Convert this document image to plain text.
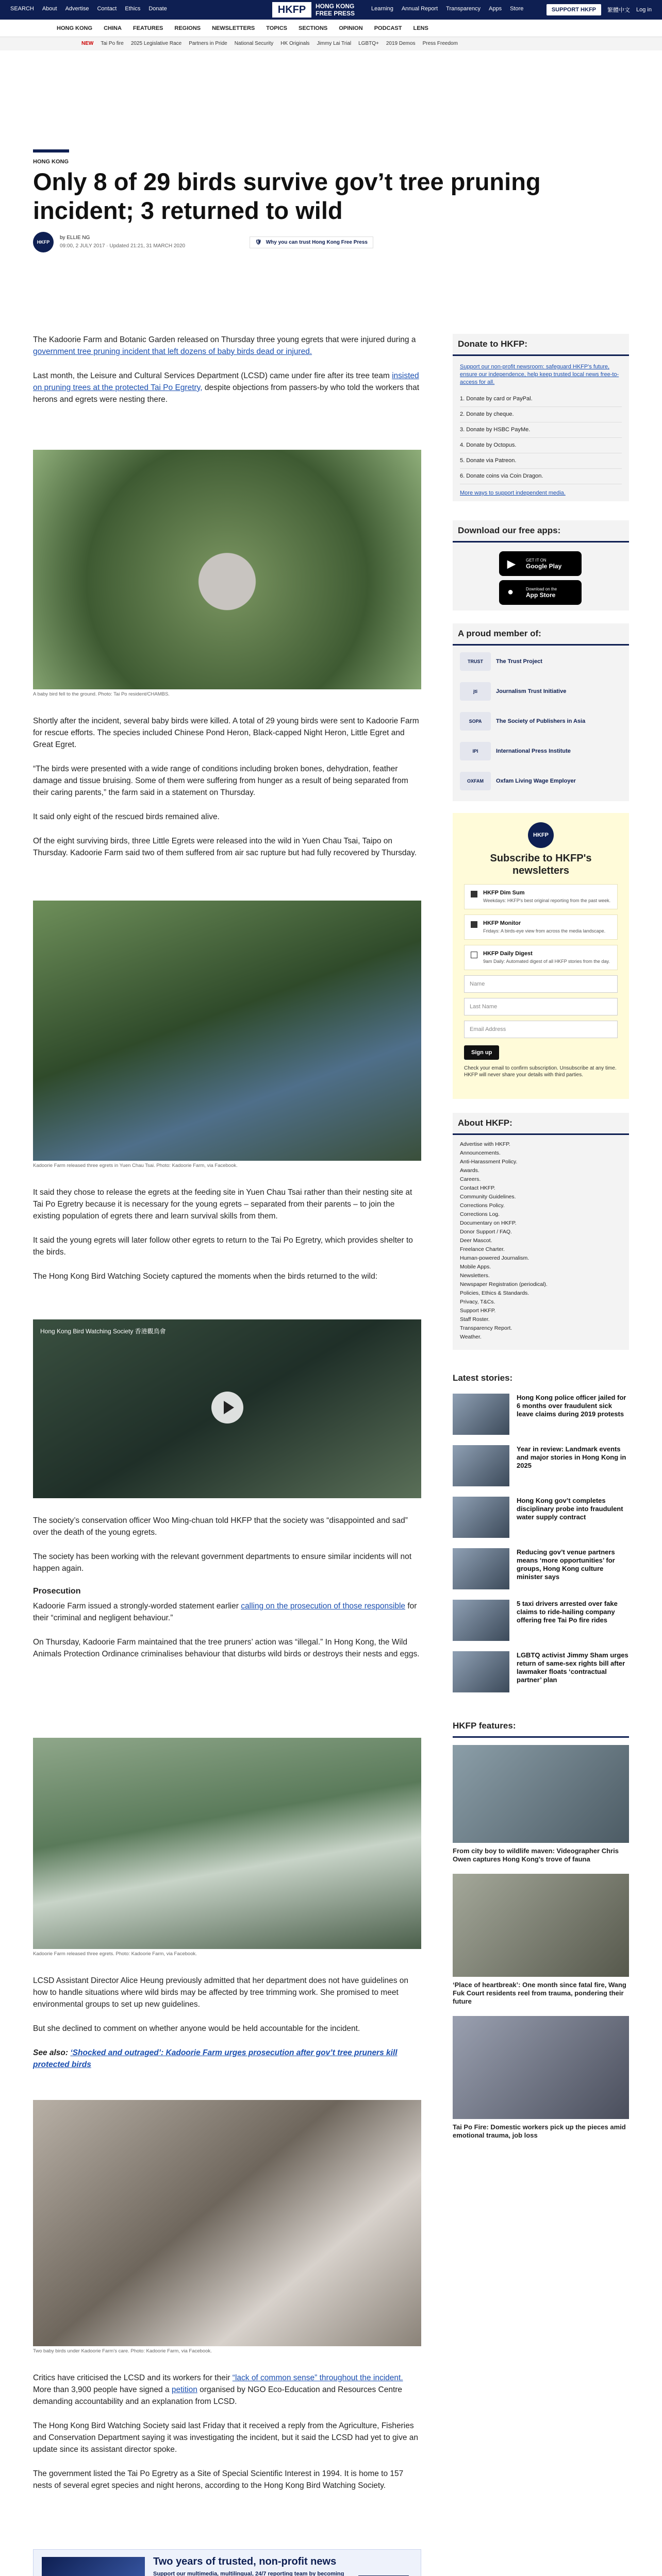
SEARCH About Advertise Contact Ethics Donate	HKFP	HONG KONG FREE PRESS
Learning Annual Report Transparency Apps Store	SUPPORT HKFP	繁體中文 Log in
HONG KONG CHINA FEATURES REGIONS NEWSLETTERS TOPICS SECTIONS OPINION PODCAST LENS
NEW Tai Po fire 2025 Legislative Race Partners in Pride National Security HK Originals Jimmy Lai Trial LGBTQ+ 2019 Demos Press Freedom
HONG KONG
Only 8 of 29 birds survive gov’t tree pruning incident; 3 returned to wild
HKFP
by ELLIE NG
09:00, 2 JULY 2017 · Updated 21:21, 31 MARCH 2020
🛡 Why you can trust Hong Kong Free Press

The Kadoorie Farm and Botanic Garden released on Thursday three young egrets that were injured during a government tree pruning incident that left dozens of baby birds dead or injured.

Last month, the Leisure and Cultural Services Department (LCSD) came under fire after its tree team insisted on pruning trees at the protected Tai Po Egretry, despite objections from passers-by who told the workers that herons and egrets were nesting there.

A baby bird fell to the ground. Photo: Tai Po resident/CHAMBS.

Shortly after the incident, several baby birds were killed. A total of 29 young birds were sent to Kadoorie Farm for rescue efforts. The species included Chinese Pond Heron, Black-capped Night Heron, Little Egret and Great Egret.

“The birds were presented with a wide range of conditions including broken bones, dehydration, feather damage and tissue bruising. Some of them were suffering from hunger as a result of being separated from their caring parents,” the farm said in a statement on Thursday.

It said only eight of the rescued birds remained alive.

Of the eight surviving birds, three Little Egrets were released into the wild in Yuen Chau Tsai, Taipo on Thursday. Kadoorie Farm said two of them suffered from air sac rupture but had fully recovered by Thursday.

Kadoorie Farm released three egrets in Yuen Chau Tsai. Photo: Kadoorie Farm, via Facebook.

It said they chose to release the egrets at the feeding site in Yuen Chau Tsai rather than their nesting site at Tai Po Egretry because it is necessary for the young egrets – separated from their parents – to join the existing population of egrets there and learn survival skills from them.

It said the young egrets will later follow other egrets to return to the Tai Po Egretry, which provides shelter to the birds.

The Hong Kong Bird Watching Society captured the moments when the birds returned to the wild:

Hong Kong Bird Watching Society 香港觀鳥會

The society’s conservation officer Woo Ming-chuan told HKFP that the society was “disappointed and sad” over the death of the young egrets.

The society has been working with the relevant government departments to ensure similar incidents will not happen again.

Prosecution

Kadoorie Farm issued a strongly-worded statement earlier calling on the prosecution of those responsible for their “criminal and negligent behaviour.”

On Thursday, Kadoorie Farm maintained that the tree pruners’ action was “illegal.” In Hong Kong, the Wild Animals Protection Ordinance criminalises behaviour that disturbs wild birds or destroys their nests and eggs.

Kadoorie Farm released three egrets. Photo: Kadoorie Farm, via Facebook.

LCSD Assistant Director Alice Heung previously admitted that her department does not have guidelines on how to handle situations where wild birds may be affected by tree trimming work. She promised to meet environmental groups to set up new guidelines.

But she declined to comment on whether anyone would be held accountable for the incident.

See also: ‘Shocked and outraged’: Kadoorie Farm urges prosecution after gov’t tree pruners kill protected birds

Two baby birds under Kadoorie Farm’s care. Photo: Kadoorie Farm, via Facebook.

Critics have criticised the LCSD and its workers for their “lack of common sense” throughout the incident. More than 3,900 people have signed a petition organised by NGO Eco-Education and Resources Centre demanding accountability and an explanation from LCSD.

The Hong Kong Bird Watching Society said last Friday that it received a reply from the Agriculture, Fisheries and Conservation Department saying it was investigating the incident, but it said the LCSD had yet to give an update since its assistant director spoke.

The government listed the Tai Po Egretry as a Site of Special Scientific Interest in 1994. It is home to 157 nests of several egret species and night herons, according to the Hong Kong Bird Watching Society.

Two years of trusted, non-profit news
Support our multimedia, multilingual, 24/7 reporting team by becoming
Donate to HKFP:
Support our non-profit newsroom: safeguard HKFP's future, ensure our independence, help keep trusted local news free-to-access for all.
1. Donate by card or PayPal.
2. Donate by cheque.
3. Donate by HSBC PayMe.
4. Donate by Octopus.
5. Donate via Patreon.
6. Donate coins via Coin Dragon.
More ways to support independent media.
Download our free apps:
▶	GET IT ON
Google Play
●	Download on the
App Store
A proud member of:
TRUST	The Trust Project
jti	Journalism Trust Initiative
SOPA	The Society of Publishers in Asia
IPI	International Press Institute
OXFAM	Oxfam Living Wage Employer
HKFP
Subscribe to HKFP's newsletters
HKFP Dim Sum
Weekdays: HKFP's best original reporting from the past week.
HKFP Monitor
Fridays: A birds-eye view from across the media landscape.
HKFP Daily Digest
9am Daily: Automated digest of all HKFP stories from the day.
Name
Last Name
Email Address
Sign up
Check your email to confirm subscription. Unsubscribe at any time. HKFP will never share your details with third parties.
About HKFP:
Advertise with HKFP.
Announcements.
Anti-Harassment Policy.
Awards.
Careers.
Contact HKFP.
Community Guidelines.
Corrections Policy.
Corrections Log.
Documentary on HKFP.
Donor Support / FAQ.
Deer Mascot.
Freelance Charter.
Human-powered Journalism.
Mobile Apps.
Newsletters.
Newspaper Registration (periodical).
Policies, Ethics & Standards.
Privacy, T&Cs.
Support HKFP.
Staff Roster.
Transparency Report.
Weather.
Latest stories:
Hong Kong police officer jailed for 6 months over fraudulent sick leave claims during 2019 protests
Year in review: Landmark events and major stories in Hong Kong in 2025
Hong Kong gov’t completes disciplinary probe into fraudulent water supply contract
Reducing gov’t venue partners means ‘more opportunities’ for groups, Hong Kong culture minister says
5 taxi drivers arrested over fake claims to ride-hailing company offering free Tai Po fire rides
LGBTQ activist Jimmy Sham urges return of same-sex rights bill after lawmaker floats ‘contractual partner’ plan
HKFP features:
From city boy to wildlife maven: Videographer Chris Owen captures Hong Kong's trove of fauna
‘Place of heartbreak’: One month since fatal fire, Wang Fuk Court residents reel from trauma, pondering their future
Tai Po Fire: Domestic workers pick up the pieces amid emotional trauma, job loss
